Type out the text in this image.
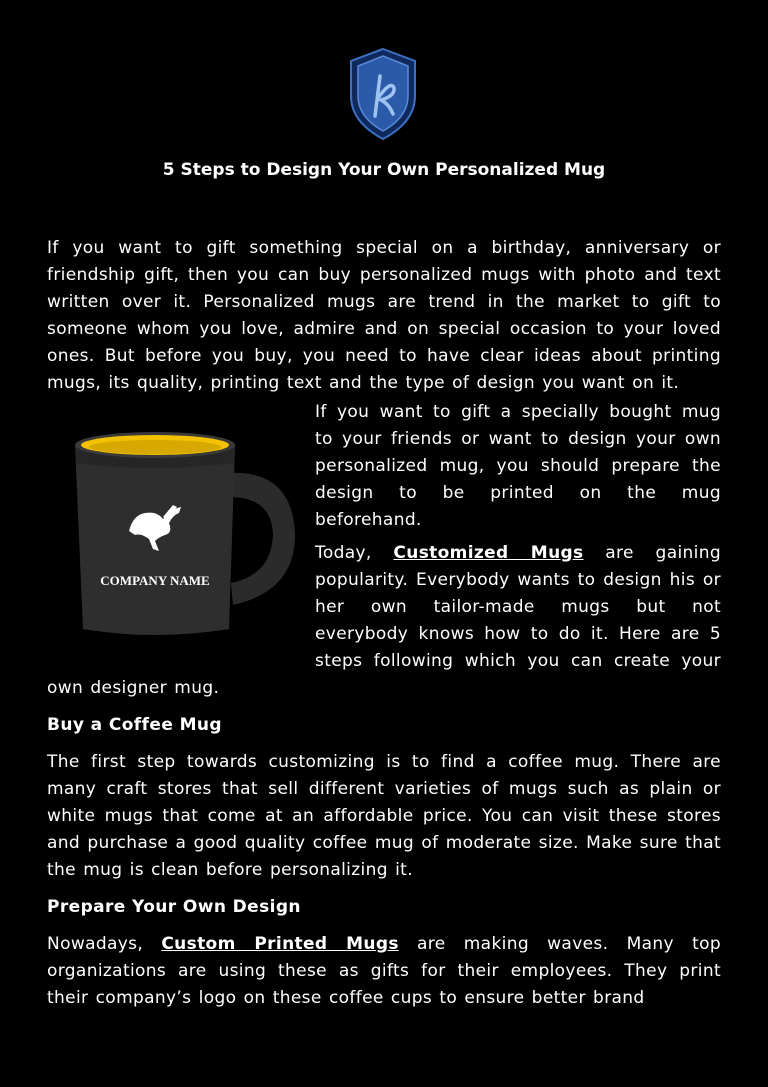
5 Steps to Design Your Own Personalized Mug

If you want to gift something special on a birthday, anniversary or friendship gift, then you can buy personalized mugs with photo and text written over it. Personalized mugs are trend in the market to gift to someone whom you love, admire and on special occasion to your loved ones. But before you buy, you need to have clear ideas about printing mugs, its quality, printing text and the type of design you want on it.

COMPANY NAME

If you want to gift a specially bought mug to your friends or want to design your own personalized mug, you should prepare the design to be printed on the mug beforehand.

Today, Customized Mugs are gaining popularity. Everybody wants to design his or her own tailor-made mugs but not everybody knows how to do it. Here are 5 steps following which you can create your own designer mug.

Buy a Coffee Mug

The first step towards customizing is to find a coffee mug. There are many craft stores that sell different varieties of mugs such as plain or white mugs that come at an affordable price. You can visit these stores and purchase a good quality coffee mug of moderate size. Make sure that the mug is clean before personalizing it.

Prepare Your Own Design

Nowadays, Custom Printed Mugs are making waves. Many top organizations are using these as gifts for their employees. They print their company’s logo on these coffee cups to ensure better brand
